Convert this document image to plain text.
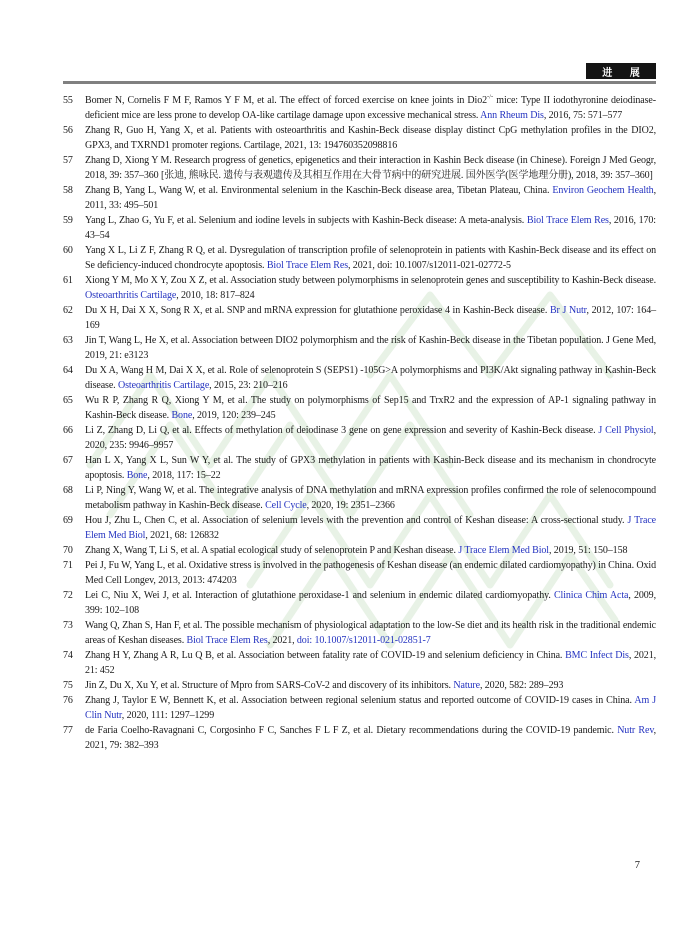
进 展
55 Bomer N, Cornelis F M F, Ramos Y F M, et al. The effect of forced exercise on knee joints in Dio2-/- mice: Type II iodothyronine deiodinase-deficient mice are less prone to develop OA-like cartilage damage upon excessive mechanical stress. Ann Rheum Dis, 2016, 75: 571–577
56 Zhang R, Guo H, Yang X, et al. Patients with osteoarthritis and Kashin-Beck disease display distinct CpG methylation profiles in the DIO2, GPX3, and TXRND1 promoter regions. Cartilage, 2021, 13: 194760352098816
57 Zhang D, Xiong Y M. Research progress of genetics, epigenetics and their interaction in Kashin Beck disease (in Chinese). Foreign J Med Geogr, 2018, 39: 357–360 [张迪, 熊咏民. 遗传与表观遗传及其相互作用在大骨节病中的研究进展. 国外医学(医学地理分册), 2018, 39: 357–360]
58 Zhang B, Yang L, Wang W, et al. Environmental selenium in the Kaschin-Beck disease area, Tibetan Plateau, China. Environ Geochem Health, 2011, 33: 495–501
59 Yang L, Zhao G, Yu F, et al. Selenium and iodine levels in subjects with Kashin-Beck disease: A meta-analysis. Biol Trace Elem Res, 2016, 170: 43–54
60 Yang X L, Li Z F, Zhang R Q, et al. Dysregulation of transcription profile of selenoprotein in patients with Kashin-Beck disease and its effect on Se deficiency-induced chondrocyte apoptosis. Biol Trace Elem Res, 2021, doi: 10.1007/s12011-021-02772-5
61 Xiong Y M, Mo X Y, Zou X Z, et al. Association study between polymorphisms in selenoprotein genes and susceptibility to Kashin-Beck disease. Osteoarthritis Cartilage, 2010, 18: 817–824
62 Du X H, Dai X X, Song R X, et al. SNP and mRNA expression for glutathione peroxidase 4 in Kashin-Beck disease. Br J Nutr, 2012, 107: 164–169
63 Jin T, Wang L, He X, et al. Association between DIO2 polymorphism and the risk of Kashin-Beck disease in the Tibetan population. J Gene Med, 2019, 21: e3123
64 Du X A, Wang H M, Dai X X, et al. Role of selenoprotein S (SEPS1) -105G>A polymorphisms and PI3K/Akt signaling pathway in Kashin-Beck disease. Osteoarthritis Cartilage, 2015, 23: 210–216
65 Wu R P, Zhang R Q, Xiong Y M, et al. The study on polymorphisms of Sep15 and TrxR2 and the expression of AP-1 signaling pathway in Kashin-Beck disease. Bone, 2019, 120: 239–245
66 Li Z, Zhang D, Li Q, et al. Effects of methylation of deiodinase 3 gene on gene expression and severity of Kashin-Beck disease. J Cell Physiol, 2020, 235: 9946–9957
67 Han L X, Yang X L, Sun W Y, et al. The study of GPX3 methylation in patients with Kashin-Beck disease and its mechanism in chondrocyte apoptosis. Bone, 2018, 117: 15–22
68 Li P, Ning Y, Wang W, et al. The integrative analysis of DNA methylation and mRNA expression profiles confirmed the role of selenocompound metabolism pathway in Kashin-Beck disease. Cell Cycle, 2020, 19: 2351–2366
69 Hou J, Zhu L, Chen C, et al. Association of selenium levels with the prevention and control of Keshan disease: A cross-sectional study. J Trace Elem Med Biol, 2021, 68: 126832
70 Zhang X, Wang T, Li S, et al. A spatial ecological study of selenoprotein P and Keshan disease. J Trace Elem Med Biol, 2019, 51: 150–158
71 Pei J, Fu W, Yang L, et al. Oxidative stress is involved in the pathogenesis of Keshan disease (an endemic dilated cardiomyopathy) in China. Oxid Med Cell Longev, 2013, 2013: 474203
72 Lei C, Niu X, Wei J, et al. Interaction of glutathione peroxidase-1 and selenium in endemic dilated cardiomyopathy. Clinica Chim Acta, 2009, 399: 102–108
73 Wang Q, Zhan S, Han F, et al. The possible mechanism of physiological adaptation to the low-Se diet and its health risk in the traditional endemic areas of Keshan diseases. Biol Trace Elem Res, 2021, doi: 10.1007/s12011-021-02851-7
74 Zhang H Y, Zhang A R, Lu Q B, et al. Association between fatality rate of COVID-19 and selenium deficiency in China. BMC Infect Dis, 2021, 21: 452
75 Jin Z, Du X, Xu Y, et al. Structure of Mpro from SARS-CoV-2 and discovery of its inhibitors. Nature, 2020, 582: 289–293
76 Zhang J, Taylor E W, Bennett K, et al. Association between regional selenium status and reported outcome of COVID-19 cases in China. Am J Clin Nutr, 2020, 111: 1297–1299
77 de Faria Coelho-Ravagnani C, Corgosinho F C, Sanches F L F Z, et al. Dietary recommendations during the COVID-19 pandemic. Nutr Rev, 2021, 79: 382–393
7
